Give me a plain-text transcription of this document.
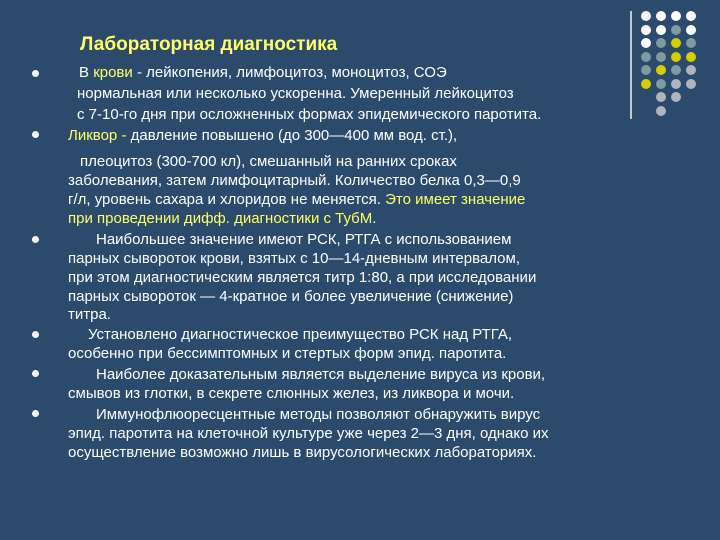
Лабораторная диагностика
В крови - лейкопения, лимфоцитоз, моноцитоз, СОЭ
нормальная или несколько ускоренна. Умеренный лейкоцитоз
с 7-10-го дня при осложненных формах эпидемического паротита.
Ликвор - давление повышено (до 300—400 мм вод. ст.),
плеоцитоз (300-700 кл), смешанный на ранних сроках
заболевания, затем лимфоцитарный. Количество белка 0,3—0,9
г/л, уровень сахара и хлоридов не меняется. Это имеет значение
при проведении дифф. диагностики с ТубМ.
Наибольшее значение имеют РСК, РТГА с использованием
парных сывороток крови, взятых с 10—14-дневным интервалом,
при этом диагностическим является титр 1:80, а при исследовании
парных сывороток — 4-кратное и более увеличение (снижение)
титра.
Установлено диагностическое преимущество РСК над РТГА,
особенно при бессимптомных и стертых форм эпид. паротита.
Наиболее доказательным является выделение вируса из крови,
смывов из глотки, в секрете слюнных желез, из ликвора и мочи.
Иммунофлюоресцентные методы позволяют обнаружить вирус
эпид. паротита на клеточной культуре уже через 2—3 дня, однако их
осуществление возможно лишь в вирусологических лабораториях.
